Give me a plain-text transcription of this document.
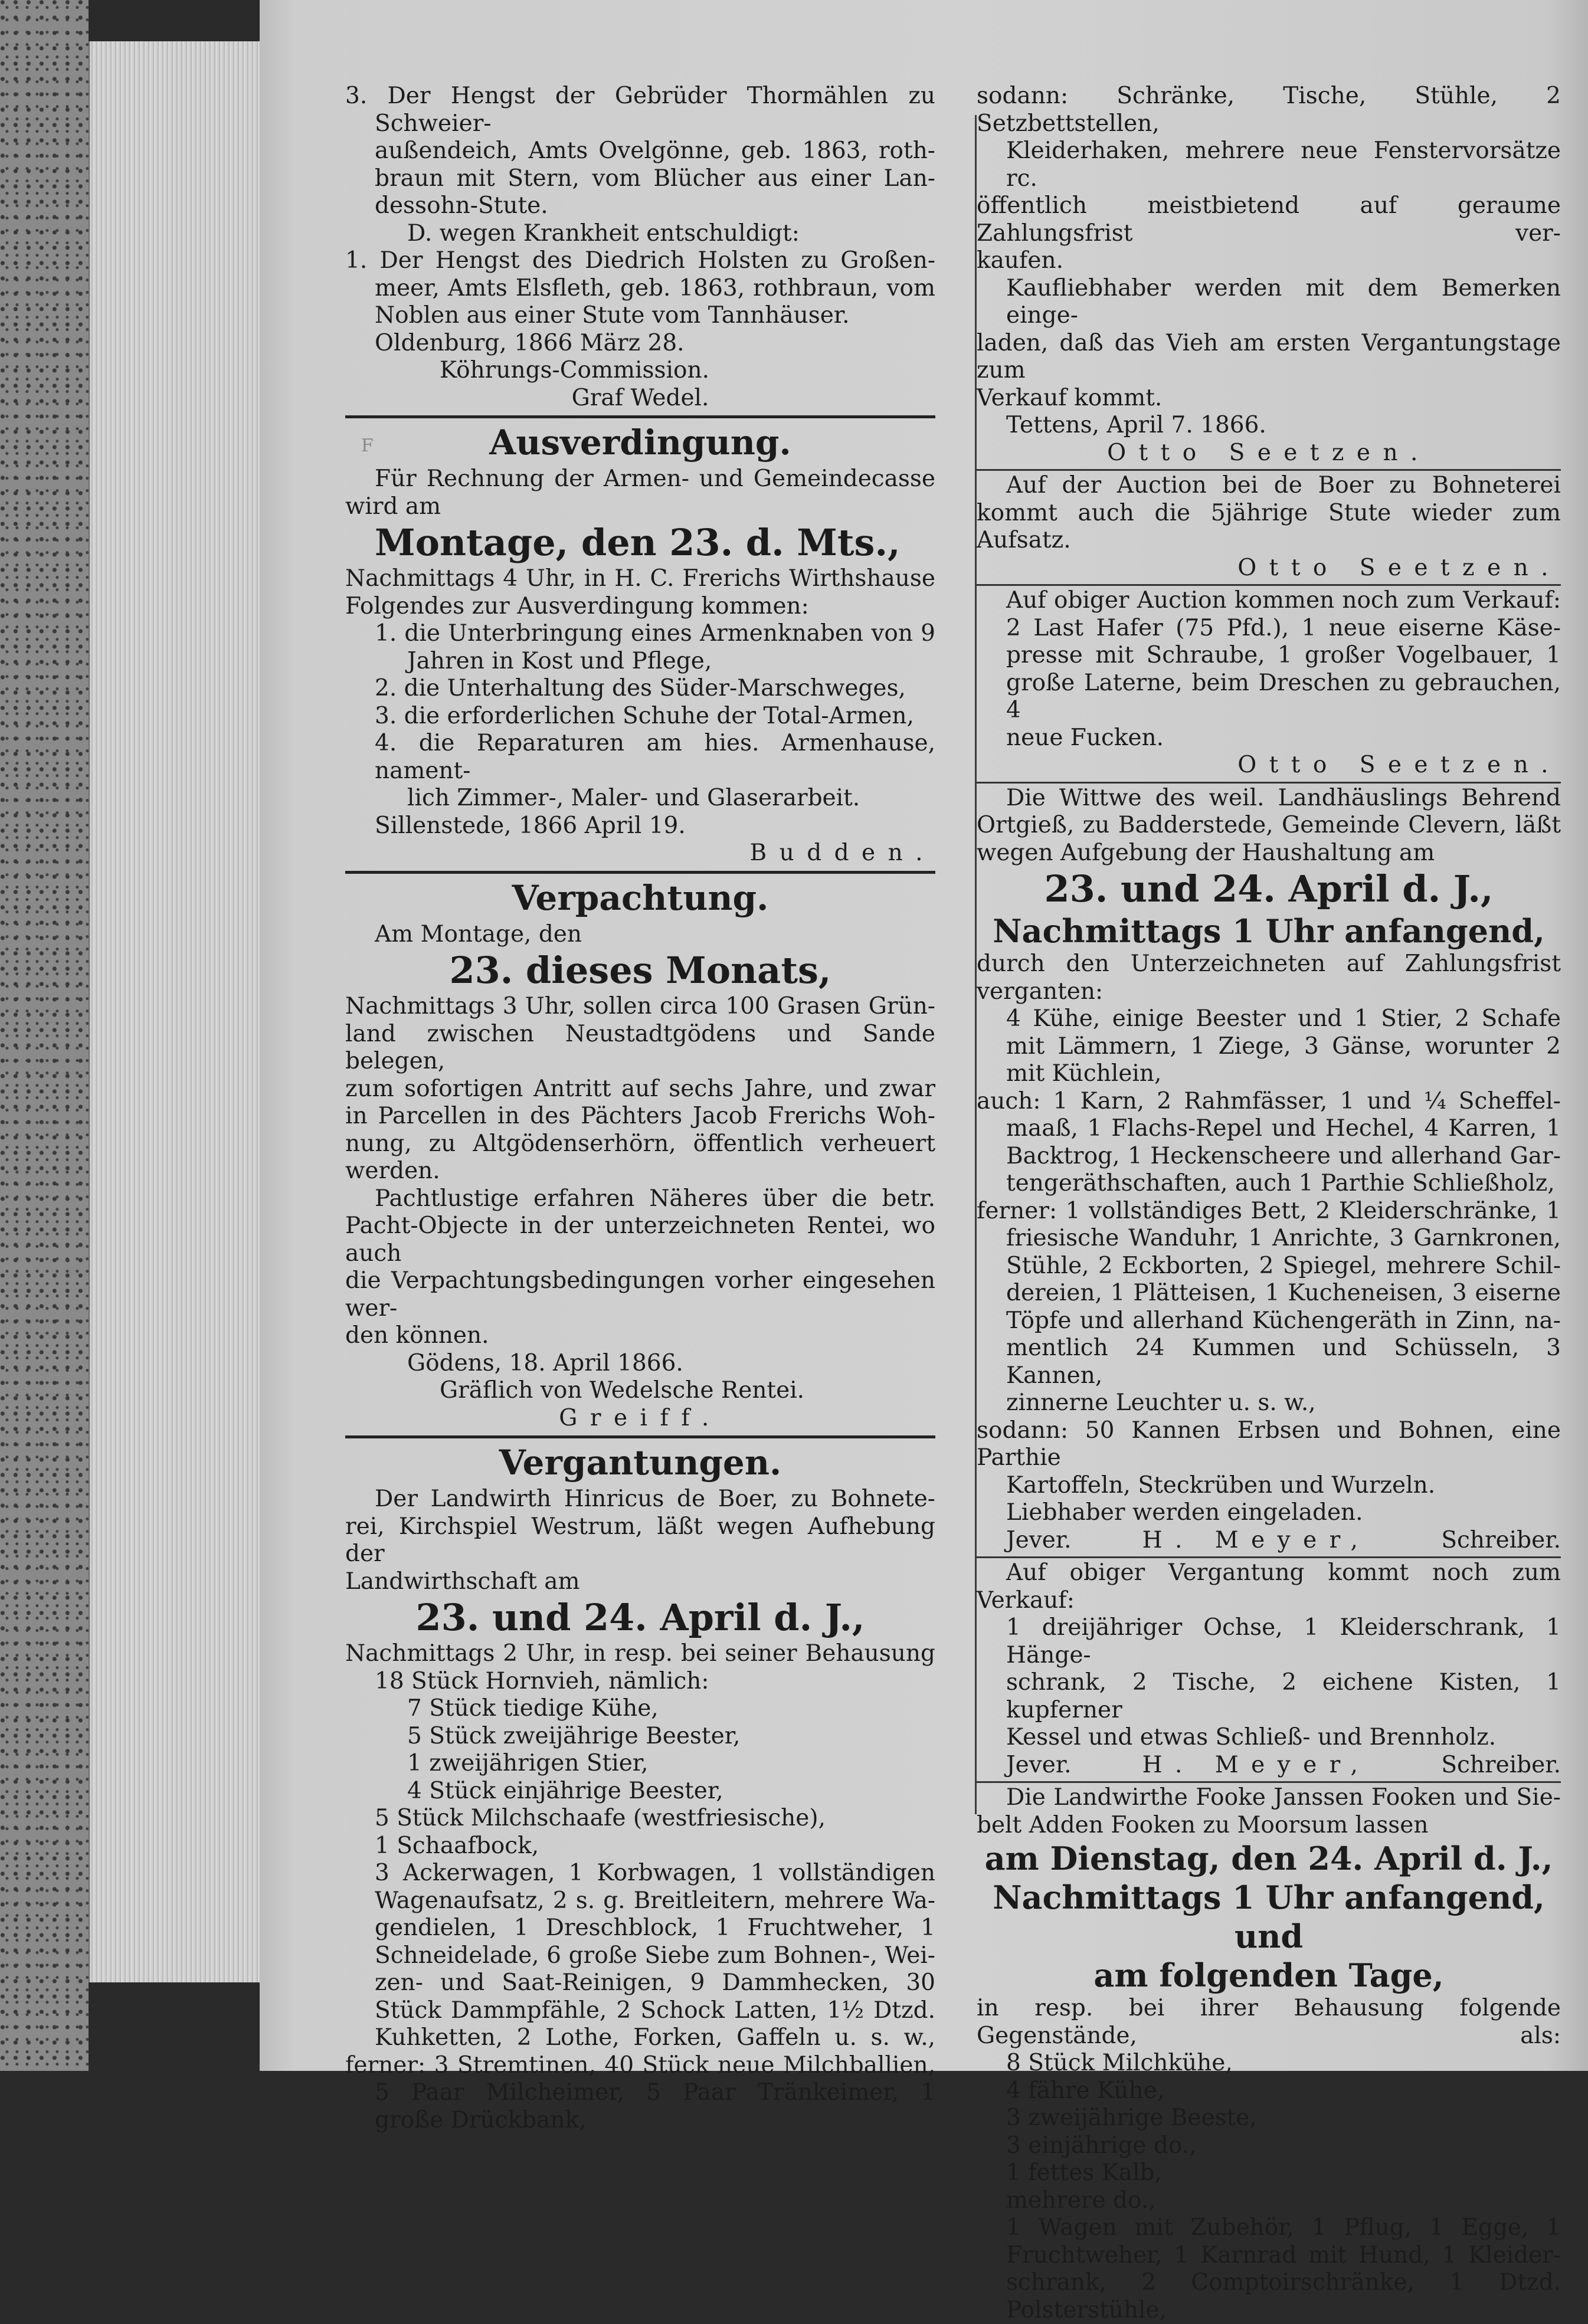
F

3. Der Hengst der Gebrüder Thormählen zu Schweier-

außendeich, Amts Ovelgönne, geb. 1863, roth-

braun mit Stern, vom Blücher aus einer Lan-

dessohn-Stute.

D. wegen Krankheit entschuldigt:

1. Der Hengst des Diedrich Holsten zu Großen-

meer, Amts Elsfleth, geb. 1863, rothbraun, vom

Noblen aus einer Stute vom Tannhäuser.

Oldenburg, 1866 März 28.

Köhrungs-Commission.

Graf Wedel.

Ausverdingung.

Für Rechnung der Armen- und Gemeindecasse

wird am

Montage, den 23. d. Mts.,

Nachmittags 4 Uhr, in H. C. Frerichs Wirthshause

Folgendes zur Ausverdingung kommen:

1. die Unterbringung eines Armenknaben von 9

Jahren in Kost und Pflege,

2. die Unterhaltung des Süder-Marschweges,

3. die erforderlichen Schuhe der Total-Armen,

4. die Reparaturen am hies. Armenhause, nament-

lich Zimmer-, Maler- und Glaserarbeit.

Sillenstede, 1866 April 19.

Budden.

Verpachtung.

Am Montage, den

23. dieses Monats,

Nachmittags 3 Uhr, sollen circa 100 Grasen Grün-

land zwischen Neustadtgödens und Sande belegen,

zum sofortigen Antritt auf sechs Jahre, und zwar

in Parcellen in des Pächters Jacob Frerichs Woh-

nung, zu Altgödenserhörn, öffentlich verheuert werden.

Pachtlustige erfahren Näheres über die betr.

Pacht-Objecte in der unterzeichneten Rentei, wo auch

die Verpachtungsbedingungen vorher eingesehen wer-

den können.

Gödens, 18. April 1866.

Gräflich von Wedelsche Rentei.

Greiff.

Vergantungen.

Der Landwirth Hinricus de Boer, zu Bohnete-

rei, Kirchspiel Westrum, läßt wegen Aufhebung der

Landwirthschaft am

23. und 24. April d. J.,

Nachmittags 2 Uhr, in resp. bei seiner Behausung

18 Stück Hornvieh, nämlich:

7 Stück tiedige Kühe,

5 Stück zweijährige Beester,

1 zweijährigen Stier,

4 Stück einjährige Beester,

5 Stück Milchschaafe (westfriesische),

1 Schaafbock,

3 Ackerwagen, 1 Korbwagen, 1 vollständigen

Wagenaufsatz, 2 s. g. Breitleitern, mehrere Wa-

gendielen, 1 Dreschblock, 1 Fruchtweher, 1

Schneidelade, 6 große Siebe zum Bohnen-, Wei-

zen- und Saat-Reinigen, 9 Dammhecken, 30

Stück Dammpfähle, 2 Schock Latten, 1½ Dtzd.

Kuhketten, 2 Lothe, Forken, Gaffeln u. s. w.,

ferner: 3 Stremtinen, 40 Stück neue Milchballien,

5 Paar Milcheimer, 5 Paar Tränkeimer, 1

große Drückbank,

sodann: Schränke, Tische, Stühle, 2 Setzbettstellen,

Kleiderhaken, mehrere neue Fenstervorsätze rc.

öffentlich meistbietend auf geraume Zahlungsfrist ver-

kaufen.

Kaufliebhaber werden mit dem Bemerken einge-

laden, daß das Vieh am ersten Vergantungstage zum

Verkauf kommt.

Tettens, April 7. 1866.

Otto Seetzen.

Auf der Auction bei de Boer zu Bohneterei

kommt auch die 5jährige Stute wieder zum Aufsatz.

Otto Seetzen.

Auf obiger Auction kommen noch zum Verkauf:

2 Last Hafer (75 Pfd.), 1 neue eiserne Käse-

presse mit Schraube, 1 großer Vogelbauer, 1

große Laterne, beim Dreschen zu gebrauchen, 4

neue Fucken.

Otto Seetzen.

Die Wittwe des weil. Landhäuslings Behrend

Ortgieß, zu Badderstede, Gemeinde Clevern, läßt

wegen Aufgebung der Haushaltung am

23. und 24. April d. J.,

Nachmittags 1 Uhr anfangend,

durch den Unterzeichneten auf Zahlungsfrist verganten:

4 Kühe, einige Beester und 1 Stier, 2 Schafe

mit Lämmern, 1 Ziege, 3 Gänse, worunter 2

mit Küchlein,

auch: 1 Karn, 2 Rahmfässer, 1 und ¼ Scheffel-

maaß, 1 Flachs-Repel und Hechel, 4 Karren, 1

Backtrog, 1 Heckenscheere und allerhand Gar-

tengeräthschaften, auch 1 Parthie Schließholz,

ferner: 1 vollständiges Bett, 2 Kleiderschränke, 1

friesische Wanduhr, 1 Anrichte, 3 Garnkronen,

Stühle, 2 Eckborten, 2 Spiegel, mehrere Schil-

dereien, 1 Plätteisen, 1 Kucheneisen, 3 eiserne

Töpfe und allerhand Küchengeräth in Zinn, na-

mentlich 24 Kummen und Schüsseln, 3 Kannen,

zinnerne Leuchter u. s. w.,

sodann: 50 Kannen Erbsen und Bohnen, eine Parthie

Kartoffeln, Steckrüben und Wurzeln.

Liebhaber werden eingeladen.

Jever.	H. Meyer,	Schreiber.

Auf obiger Vergantung kommt noch zum

Verkauf:

1 dreijähriger Ochse, 1 Kleiderschrank, 1 Hänge-

schrank, 2 Tische, 2 eichene Kisten, 1 kupferner

Kessel und etwas Schließ- und Brennholz.

Jever.	H. Meyer,	Schreiber.

Die Landwirthe Fooke Janssen Fooken und Sie-

belt Adden Fooken zu Moorsum lassen

am Dienstag, den 24. April d. J.,

Nachmittags 1 Uhr anfangend, und

am folgenden Tage,

in resp. bei ihrer Behausung folgende Gegenstände, als:

8 Stück Milchkühe,

4 fähre Kühe,

3 zweijährige Beeste,

3 einjährige do.,

1 fettes Kalb,

mehrere do.,

1 Wagen mit Zubehör, 1 Pflug, 1 Egge, 1

Fruchtweher, 1 Karnrad mit Hund, 1 Kleider-

schrank, 2 Comptoirschränke, 1 Dtzd. Polsterstühle,
